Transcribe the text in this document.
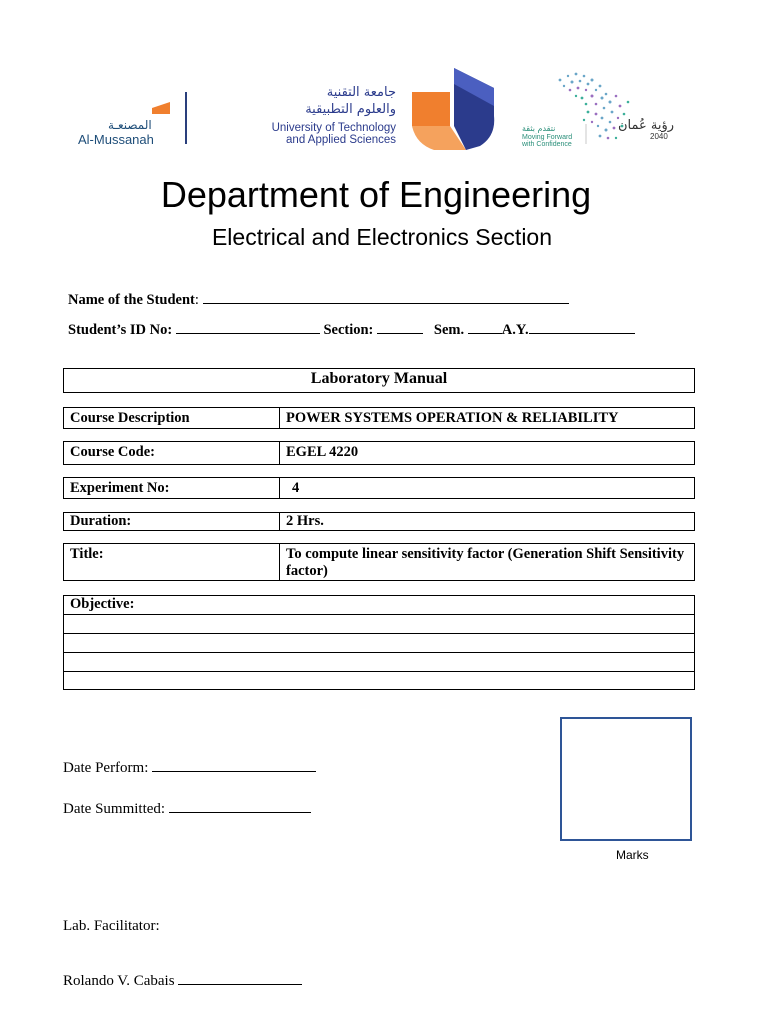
المصنعـة
Al-Mussanah
جامعة التقنية
والعلوم التطبيقية
University of Technology
and Applied Sciences
نتقدم بثقة
Moving Forward
with Confidence
رؤية عُمان
2040
Department of Engineering
Electrical and Electronics Section
Name of the Student:
Student’s ID No:	Section:	Sem.	A.Y.
Laboratory Manual
Course Description	POWER SYSTEMS OPERATION & RELIABILITY
Course Code:	EGEL 4220
Experiment No:	4
Duration:	2 Hrs.
Title:	To compute linear sensitivity factor (Generation Shift Sensitivity factor)
Objective:
Date Perform:
Date Summitted:

Lab. Facilitator:

Rolando V. Cabais

Marks
